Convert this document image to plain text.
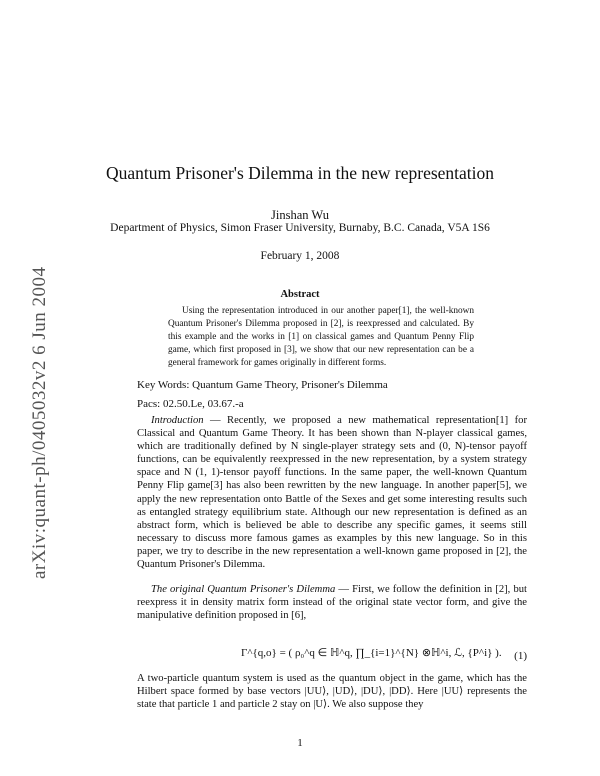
arXiv:quant-ph/0405032v2 6 Jun 2004
Quantum Prisoner's Dilemma in the new representation
Jinshan Wu
Department of Physics, Simon Fraser University, Burnaby, B.C. Canada, V5A 1S6
February 1, 2008
Abstract
Using the representation introduced in our another paper[1], the well-known Quantum Prisoner's Dilemma proposed in [2], is reexpressed and calculated. By this example and the works in [1] on classical games and Quantum Penny Flip game, which first proposed in [3], we show that our new representation can be a general framework for games originally in different forms.
Key Words: Quantum Game Theory, Prisoner's Dilemma
Pacs: 02.50.Le, 03.67.-a
Introduction — Recently, we proposed a new mathematical representation[1] for Classical and Quantum Game Theory. It has been shown than N-player classical games, which are traditionally defined by N single-player strategy sets and (0, N)-tensor payoff functions, can be equivalently reexpressed in the new representation, by a system strategy space and N (1, 1)-tensor payoff functions. In the same paper, the well-known Quantum Penny Flip game[3] has also been rewritten by the new language. In another paper[5], we apply the new representation onto Battle of the Sexes and get some interesting results such as entangled strategy equilibrium state. Although our new representation is defined as an abstract form, which is believed be able to describe any specific games, it seems still necessary to discuss more famous games as examples by this new language. So in this paper, we try to describe in the new representation a well-known game proposed in [2], the Quantum Prisoner's Dilemma.
The original Quantum Prisoner's Dilemma — First, we follow the definition in [2], but reexpress it in density matrix form instead of the original state vector form, and give the manipulative definition proposed in [6],
Γ^{q,o} = ( ρ₀^q ∈ ℍ^q, ∏_{i=1}^{N} ⊗ℍ^i, ℒ, {P^i} ). (1)
A two-particle quantum system is used as the quantum object in the game, which has the Hilbert space formed by base vectors |UU⟩, |UD⟩, |DU⟩, |DD⟩. Here |UU⟩ represents the state that particle 1 and particle 2 stay on |U⟩. We also suppose they
1
